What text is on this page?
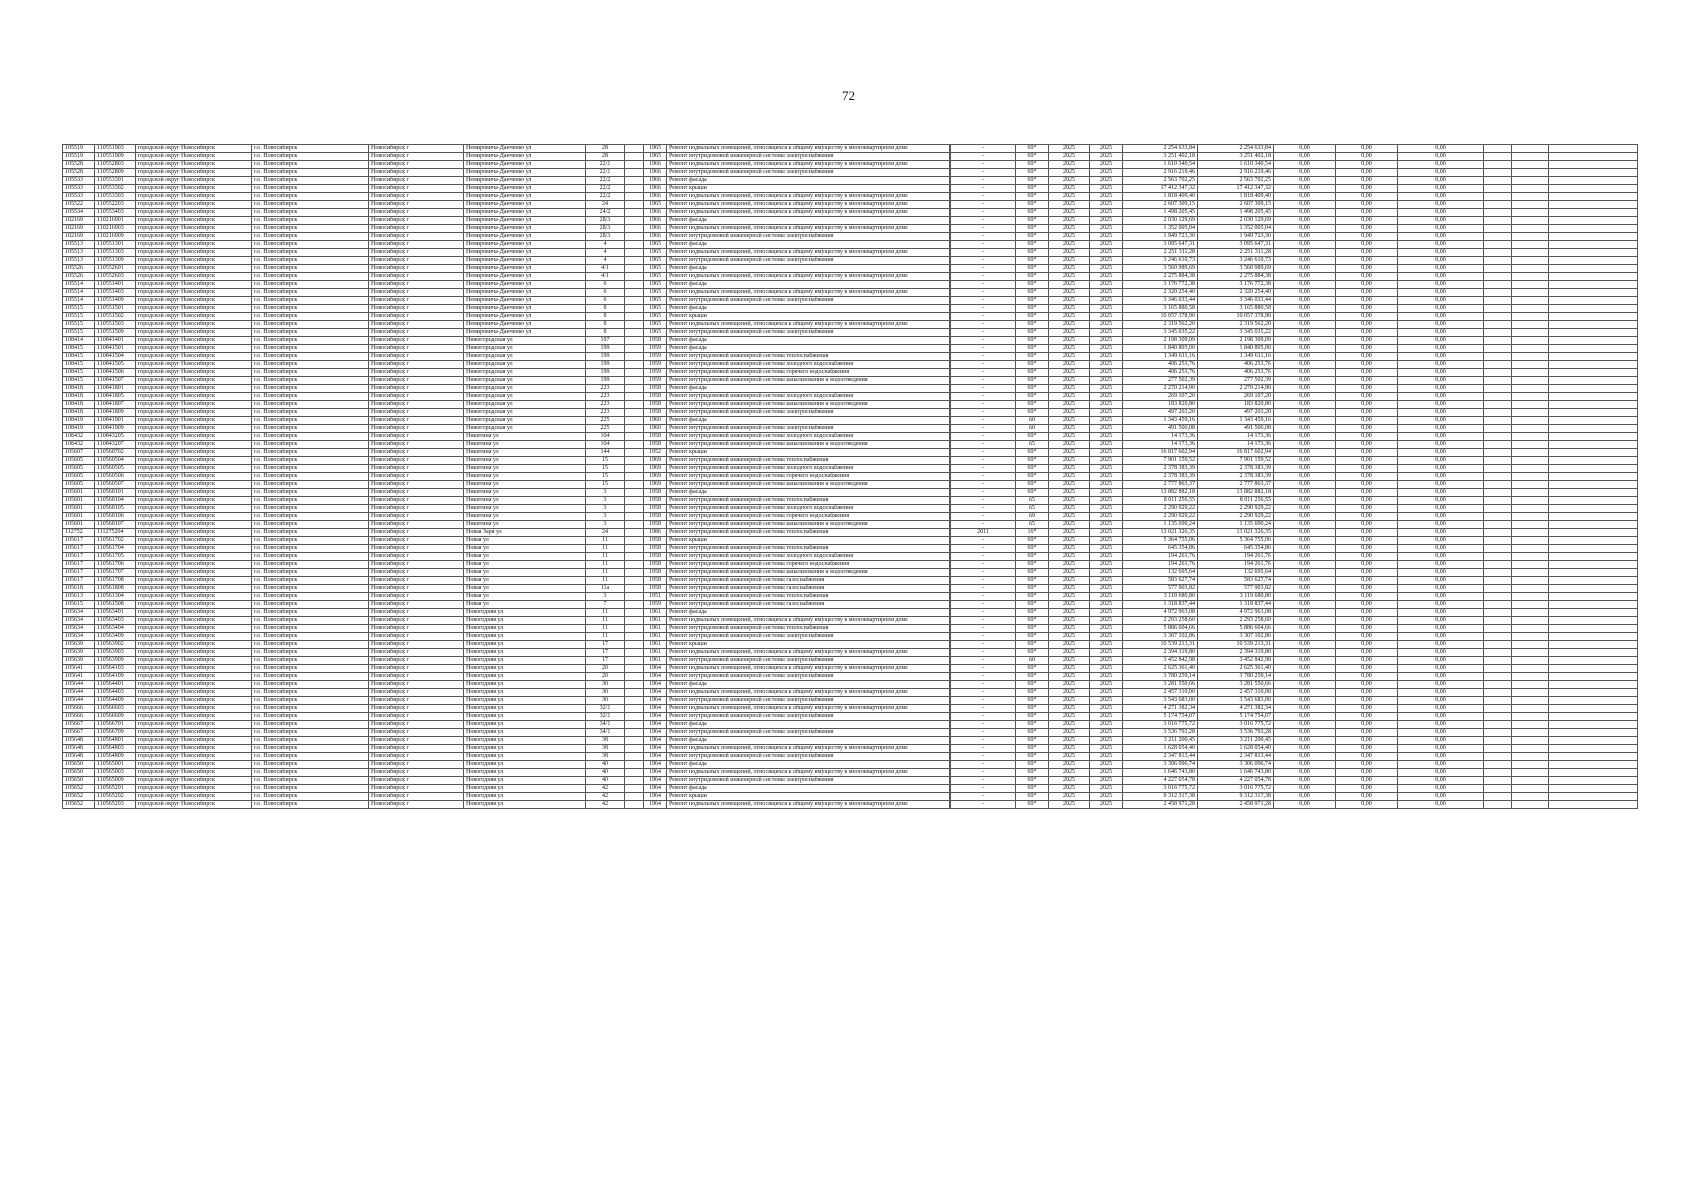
72
105519	110551903	городской округ Новосибирск	г.о. Новосибирск	Новосибирск г	Немировича-Данченко ул	28		1965	Ремонт подвальных помещений, относящихся к общему имуществу в многоквартирном доме		-	69*	2025	2025	2 254 633,84	2 254 633,84	0,00	0,00	0,00			
105519	110551909	городской округ Новосибирск	г.о. Новосибирск	Новосибирск г	Немировича-Данченко ул	28		1965	Ремонт внутридомовой инженерной системы электроснабжения		-	69*	2025	2025	3 251 402,18	3 251 402,18	0,00	0,00	0,00			
105528	110552803	городской округ Новосибирск	г.о. Новосибирск	Новосибирск г	Немировича-Данченко ул	22/1		1966	Ремонт подвальных помещений, относящихся к общему имуществу в многоквартирном доме		-	69*	2025	2025	1 610 340,54	1 610 340,54	0,00	0,00	0,00			
105528	110552809	городской округ Новосибирск	г.о. Новосибирск	Новосибирск г	Немировича-Данченко ул	22/1		1966	Ремонт внутридомовой инженерной системы электроснабжения		-	69*	2025	2025	2 916 219,46	2 916 219,46	0,00	0,00	0,00			
105533	110553301	городской округ Новосибирск	г.о. Новосибирск	Новосибирск г	Немировича-Данченко ул	22/2		1966	Ремонт фасада		-	69*	2025	2025	2 563 702,25	2 563 702,25	0,00	0,00	0,00			
105533	110553302	городской округ Новосибирск	г.о. Новосибирск	Новосибирск г	Немировича-Данченко ул	22/2		1966	Ремонт крыши		-	69*	2025	2025	17 412 347,32	17 412 347,32	0,00	0,00	0,00			
105533	110553303	городской округ Новосибирск	г.о. Новосибирск	Новосибирск г	Немировича-Данченко ул	22/2		1966	Ремонт подвальных помещений, относящихся к общему имуществу в многоквартирном доме		-	69*	2025	2025	1 818 409,40	1 818 409,40	0,00	0,00	0,00			
105522	110552203	городской округ Новосибирск	г.о. Новосибирск	Новосибирск г	Немировича-Данченко ул	24		1965	Ремонт подвальных помещений, относящихся к общему имуществу в многоквартирном доме		-	69*	2025	2025	2 607 309,15	2 607 309,15	0,00	0,00	0,00			
105534	110553403	городской округ Новосибирск	г.о. Новосибирск	Новосибирск г	Немировича-Данченко ул	24/2		1966	Ремонт подвальных помещений, относящихся к общему имуществу в многоквартирном доме		-	69*	2025	2025	1 498 205,45	1 498 205,45	0,00	0,00	0,00			
102169	110216901	городской округ Новосибирск	г.о. Новосибирск	Новосибирск г	Немировича-Данченко ул	28/3		1966	Ремонт фасада		-	69*	2025	2025	2 030 129,69	2 030 129,69	0,00	0,00	0,00			
102169	110216903	городской округ Новосибирск	г.о. Новосибирск	Новосибирск г	Немировича-Данченко ул	28/3		1966	Ремонт подвальных помещений, относящихся к общему имуществу в многоквартирном доме		-	69*	2025	2025	1 352 005,04	1 352 005,04	0,00	0,00	0,00			
102169	110216909	городской округ Новосибирск	г.о. Новосибирск	Новосибирск г	Немировича-Данченко ул	28/3		1966	Ремонт внутридомовой инженерной системы электроснабжения		-	69*	2025	2025	1 949 723,30	1 949 723,30	0,00	0,00	0,00			
105513	110551301	городской округ Новосибирск	г.о. Новосибирск	Новосибирск г	Немировича-Данченко ул	4		1965	Ремонт фасада		-	69*	2025	2025	3 095 647,31	3 095 647,31	0,00	0,00	0,00			
105513	110551303	городской округ Новосибирск	г.о. Новосибирск	Новосибирск г	Немировича-Данченко ул	4		1965	Ремонт подвальных помещений, относящихся к общему имуществу в многоквартирном доме		-	69*	2025	2025	2 251 311,28	2 251 311,28	0,00	0,00	0,00			
105513	110551309	городской округ Новосибирск	г.о. Новосибирск	Новосибирск г	Немировича-Данченко ул	4		1965	Ремонт внутридомовой инженерной системы электроснабжения		-	69*	2025	2025	3 246 610,73	3 246 610,73	0,00	0,00	0,00			
105526	110552601	городской округ Новосибирск	г.о. Новосибирск	Новосибирск г	Немировича-Данченко ул	4/1		1965	Ремонт фасада		-	69*	2025	2025	3 560 989,69	3 560 989,69	0,00	0,00	0,00			
105526	110552603	городской округ Новосибирск	г.о. Новосибирск	Новосибирск г	Немировича-Данченко ул	4/1		1965	Ремонт подвальных помещений, относящихся к общему имуществу в многоквартирном доме		-	69*	2025	2025	2 275 884,38	2 275 884,38	0,00	0,00	0,00			
105514	110551401	городской округ Новосибирск	г.о. Новосибирск	Новосибирск г	Немировича-Данченко ул	6		1965	Ремонт фасада		-	69*	2025	2025	3 176 772,38	3 176 772,38	0,00	0,00	0,00			
105514	110551403	городской округ Новосибирск	г.о. Новосибирск	Новосибирск г	Немировича-Данченко ул	6		1965	Ремонт подвальных помещений, относящихся к общему имуществу в многоквартирном доме		-	69*	2025	2025	2 320 254,40	2 320 254,40	0,00	0,00	0,00			
105514	110551409	городской округ Новосибирск	г.о. Новосибирск	Новосибирск г	Немировича-Данченко ул	6		1965	Ремонт внутридомовой инженерной системы электроснабжения		-	69*	2025	2025	3 346 033,44	3 346 033,44	0,00	0,00	0,00			
105515	110551501	городской округ Новосибирск	г.о. Новосибирск	Новосибирск г	Немировича-Данченко ул	8		1965	Ремонт фасада		-	69*	2025	2025	3 165 880,58	3 165 880,58	0,00	0,00	0,00			
105515	110551502	городской округ Новосибирск	г.о. Новосибирск	Новосибирск г	Немировича-Данченко ул	8		1965	Ремонт крыши		-	69*	2025	2025	10 057 378,90	10 057 378,90	0,00	0,00	0,00			
105515	110551503	городской округ Новосибирск	г.о. Новосибирск	Новосибирск г	Немировича-Данченко ул	8		1965	Ремонт подвальных помещений, относящихся к общему имуществу в многоквартирном доме		-	69*	2025	2025	2 319 562,20	2 319 562,20	0,00	0,00	0,00			
105515	110551509	городской округ Новосибирск	г.о. Новосибирск	Новосибирск г	Немировича-Данченко ул	8		1965	Ремонт внутридомовой инженерной системы электроснабжения		-	69*	2025	2025	3 345 035,22	3 345 035,22	0,00	0,00	0,00			
108414	110841401	городской округ Новосибирск	г.о. Новосибирск	Новосибирск г	Нижегородская ул	197		1958	Ремонт фасада		-	69*	2025	2025	2 198 309,09	2 198 309,09	0,00	0,00	0,00			
108415	110841501	городской округ Новосибирск	г.о. Новосибирск	Новосибирск г	Нижегородская ул	199		1959	Ремонт фасада		-	69*	2025	2025	1 840 895,00	1 840 895,00	0,00	0,00	0,00			
108415	110841504	городской округ Новосибирск	г.о. Новосибирск	Новосибирск г	Нижегородская ул	199		1959	Ремонт внутридомовой инженерной системы теплоснабжения		-	69*	2025	2025	1 349 611,16	1 349 611,16	0,00	0,00	0,00			
108415	110841505	городской округ Новосибирск	г.о. Новосибирск	Новосибирск г	Нижегородская ул	199		1959	Ремонт внутридомовой инженерной системы холодного водоснабжения		-	69*	2025	2025	406 253,76	406 253,76	0,00	0,00	0,00			
108415	110841506	городской округ Новосибирск	г.о. Новосибирск	Новосибирск г	Нижегородская ул	199		1959	Ремонт внутридомовой инженерной системы горячего водоснабжения		-	69*	2025	2025	406 253,76	406 253,76	0,00	0,00	0,00			
108415	110841507	городской округ Новосибирск	г.о. Новосибирск	Новосибирск г	Нижегородская ул	199		1959	Ремонт внутридомовой инженерной системы канализования и водоотведения		-	69*	2025	2025	277 502,39	277 502,39	0,00	0,00	0,00			
108418	110841801	городской округ Новосибирск	г.о. Новосибирск	Новосибирск г	Нижегородская ул	223		1958	Ремонт фасада		-	69*	2025	2025	2 270 214,90	2 270 214,90	0,00	0,00	0,00			
108418	110841805	городской округ Новосибирск	г.о. Новосибирск	Новосибирск г	Нижегородская ул	223		1958	Ремонт внутридомовой инженерной системы холодного водоснабжения		-	69*	2025	2025	269 107,20	269 107,20	0,00	0,00	0,00			
108418	110841807	городской округ Новосибирск	г.о. Новосибирск	Новосибирск г	Нижегородская ул	223		1958	Ремонт внутридомовой инженерной системы канализования и водоотведения		-	69*	2025	2025	183 820,80	183 820,80	0,00	0,00	0,00			
108418	110841809	городской округ Новосибирск	г.о. Новосибирск	Новосибирск г	Нижегородская ул	223		1958	Ремонт внутридомовой инженерной системы электроснабжения		-	69*	2025	2025	497 203,20	497 203,20	0,00	0,00	0,00			
108419	110841901	городской округ Новосибирск	г.о. Новосибирск	Новосибирск г	Нижегородская ул	225		1960	Ремонт фасада		-	60	2025	2025	1 343 459,16	1 343 459,16	0,00	0,00	0,00			
108419	110841909	городской округ Новосибирск	г.о. Новосибирск	Новосибирск г	Нижегородская ул	225		1960	Ремонт внутридомовой инженерной системы электроснабжения		-	60	2025	2025	491 506,08	491 506,08	0,00	0,00	0,00			
108432	110843205	городской округ Новосибирск	г.о. Новосибирск	Новосибирск г	Никитина ул	104		1958	Ремонт внутридомовой инженерной системы холодного водоснабжения		-	69*	2025	2025	14 173,36	14 173,36	0,00	0,00	0,00			
108432	110843207	городской округ Новосибирск	г.о. Новосибирск	Новосибирск г	Никитина ул	104		1958	Ремонт внутридомовой инженерной системы канализования и водоотведения		-	65	2025	2025	14 173,36	14 173,36	0,00	0,00	0,00			
105607	110560702	городской округ Новосибирск	г.о. Новосибирск	Новосибирск г	Никитина ул	144		1952	Ремонт крыши		-	69*	2025	2025	16 817 602,94	16 817 602,94	0,00	0,00	0,00			
105605	110560504	городской округ Новосибирск	г.о. Новосибирск	Новосибирск г	Никитина ул	15		1969	Ремонт внутридомовой инженерной системы теплоснабжения		-	69*	2025	2025	7 901 159,52	7 901 159,52	0,00	0,00	0,00			
105605	110560505	городской округ Новосибирск	г.о. Новосибирск	Новосибирск г	Никитина ул	15		1969	Ремонт внутридомовой инженерной системы холодного водоснабжения		-	69*	2025	2025	2 378 383,39	2 378 383,39	0,00	0,00	0,00			
105605	110560506	городской округ Новосибирск	г.о. Новосибирск	Новосибирск г	Никитина ул	15		1969	Ремонт внутридомовой инженерной системы горячего водоснабжения		-	69*	2025	2025	2 378 383,39	2 378 383,39	0,00	0,00	0,00			
105605	110560507	городской округ Новосибирск	г.о. Новосибирск	Новосибирск г	Никитина ул	15		1969	Ремонт внутридомовой инженерной системы канализования и водоотведения		-	69*	2025	2025	2 777 863,37	2 777 863,37	0,00	0,00	0,00			
105601	110560101	городской округ Новосибирск	г.о. Новосибирск	Новосибирск г	Никитина ул	3		1958	Ремонт фасада		-	69*	2025	2025	13 882 882,18	13 882 882,18	0,00	0,00	0,00			
105601	110560104	городской округ Новосибирск	г.о. Новосибирск	Новосибирск г	Никитина ул	3		1958	Ремонт внутридомовой инженерной системы теплоснабжения		-	65	2025	2025	8 011 256,55	8 011 256,55	0,00	0,00	0,00			
105601	110560105	городской округ Новосибирск	г.о. Новосибирск	Новосибирск г	Никитина ул	3		1958	Ремонт внутридомовой инженерной системы холодного водоснабжения		-	65	2025	2025	2 290 929,22	2 290 929,22	0,00	0,00	0,00			
105601	110560106	городской округ Новосибирск	г.о. Новосибирск	Новосибирск г	Никитина ул	3		1958	Ремонт внутридомовой инженерной системы горячего водоснабжения		-	69	2025	2025	2 290 929,22	2 290 929,22	0,00	0,00	0,00			
105601	110560107	городской округ Новосибирск	г.о. Новосибирск	Новосибирск г	Никитина ул	3		1958	Ремонт внутридомовой инженерной системы канализования и водоотведения		-	65	2025	2025	1 135 690,24	1 135 690,24	0,00	0,00	0,00			
112752	111275204	городской округ Новосибирск	г.о. Новосибирск	Новосибирск г	Новая Заря ул	24		1986	Ремонт внутридомовой инженерной системы теплоснабжения		2011	16*	2025	2025	13 021 326,35	13 021 326,35	0,00	0,00	0,00			
105617	110561702	городской округ Новосибирск	г.о. Новосибирск	Новосибирск г	Новая ул	11		1958	Ремонт крыши		-	69*	2025	2025	5 364 755,06	5 364 755,06	0,00	0,00	0,00			
105617	110561704	городской округ Новосибирск	г.о. Новосибирск	Новосибирск г	Новая ул	11		1958	Ремонт внутридомовой инженерной системы теплоснабжения		-	69*	2025	2025	645 354,86	645 354,86	0,00	0,00	0,00			
105617	110561705	городской округ Новосибирск	г.о. Новосибирск	Новосибирск г	Новая ул	11		1958	Ремонт внутридомовой инженерной системы холодного водоснабжения		-	69*	2025	2025	194 261,76	194 261,76	0,00	0,00	0,00			
105617	110561706	городской округ Новосибирск	г.о. Новосибирск	Новосибирск г	Новая ул	11		1958	Ремонт внутридомовой инженерной системы горячего водоснабжения		-	69*	2025	2025	194 261,76	194 261,76	0,00	0,00	0,00			
105617	110561707	городской округ Новосибирск	г.о. Новосибирск	Новосибирск г	Новая ул	11		1958	Ремонт внутридомовой инженерной системы канализования и водоотведения		-	69*	2025	2025	132 695,64	132 695,64	0,00	0,00	0,00			
105617	110561708	городской округ Новосибирск	г.о. Новосибирск	Новосибирск г	Новая ул	11		1958	Ремонт внутридомовой инженерной системы газоснабжения		-	69*	2025	2025	583 627,74	583 627,74	0,00	0,00	0,00			
105618	110561808	городской округ Новосибирск	г.о. Новосибирск	Новосибирск г	Новая ул	11а		1958	Ремонт внутридомовой инженерной системы газоснабжения		-	69*	2025	2025	577 903,82	577 903,82	0,00	0,00	0,00			
105613	110561304	городской округ Новосибирск	г.о. Новосибирск	Новосибирск г	Новая ул	3		1951	Ремонт внутридомовой инженерной системы теплоснабжения		-	69*	2025	2025	3 119 680,80	3 119 680,80	0,00	0,00	0,00			
105615	110561508	городской округ Новосибирск	г.о. Новосибирск	Новосибирск г	Новая ул	7		1959	Ремонт внутридомовой инженерной системы газоснабжения		-	69*	2025	2025	1 318 837,44	1 318 837,44	0,00	0,00	0,00			
105634	110563401	городской округ Новосибирск	г.о. Новосибирск	Новосибирск г	Новогодняя ул	11		1961	Ремонт фасада		-	69*	2025	2025	4 972 963,08	4 972 963,08	0,00	0,00	0,00			
105634	110563403	городской округ Новосибирск	г.о. Новосибирск	Новосибирск г	Новогодняя ул	11		1961	Ремонт подвальных помещений, относящихся к общему имуществу в многоквартирном доме		-	69*	2025	2025	2 293 258,60	2 293 258,60	0,00	0,00	0,00			
105634	110563404	городской округ Новосибирск	г.о. Новосибирск	Новосибирск г	Новогодняя ул	11		1961	Ремонт внутридомовой инженерной системы теплоснабжения		-	69*	2025	2025	5 886 604,66	5 886 604,66	0,00	0,00	0,00			
105634	110563409	городской округ Новосибирск	г.о. Новосибирск	Новосибирск г	Новогодняя ул	11		1961	Ремонт внутридомовой инженерной системы электроснабжения		-	69*	2025	2025	3 307 102,86	3 307 102,86	0,00	0,00	0,00			
105639	110563902	городской округ Новосибирск	г.о. Новосибирск	Новосибирск г	Новогодняя ул	17		1961	Ремонт крыши		-	69*	2025	2025	10 539 213,31	10 539 213,31	0,00	0,00	0,00			
105639	110563903	городской округ Новосибирск	г.о. Новосибирск	Новосибирск г	Новогодняя ул	17		1961	Ремонт подвальных помещений, относящихся к общему имуществу в многоквартирном доме		-	69*	2025	2025	2 394 319,80	2 394 319,80	0,00	0,00	0,00			
105639	110563909	городской округ Новосибирск	г.о. Новосибирск	Новосибирск г	Новогодняя ул	17		1961	Ремонт внутридомовой инженерной системы электроснабжения		-	60	2025	2025	3 452 842,98	3 452 842,98	0,00	0,00	0,00			
105641	110564103	городской округ Новосибирск	г.о. Новосибирск	Новосибирск г	Новогодняя ул	20		1964	Ремонт подвальных помещений, относящихся к общему имуществу в многоквартирном доме		-	69*	2025	2025	2 625 361,40	2 625 361,40	0,00	0,00	0,00			
105641	110564109	городской округ Новосибирск	г.о. Новосибирск	Новосибирск г	Новогодняя ул	20		1964	Ремонт внутридомовой инженерной системы электроснабжения		-	69*	2025	2025	3 780 259,14	3 780 259,14	0,00	0,00	0,00			
105644	110564401	городской округ Новосибирск	г.о. Новосибирск	Новосибирск г	Новогодняя ул	30		1964	Ремонт фасада		-	69*	2025	2025	3 281 550,66	3 281 550,66	0,00	0,00	0,00			
105644	110564403	городской округ Новосибирск	г.о. Новосибирск	Новосибирск г	Новогодняя ул	30		1964	Ремонт подвальных помещений, относящихся к общему имуществу в многоквартирном доме		-	69*	2025	2025	2 457 310,00	2 457 310,00	0,00	0,00	0,00			
105644	110564409	городской округ Новосибирск	г.о. Новосибирск	Новосибирск г	Новогодняя ул	30		1964	Ремонт внутридомовой инженерной системы электроснабжения		-	69*	2025	2025	3 543 683,00	3 543 683,00	0,00	0,00	0,00			
105666	110566603	городской округ Новосибирск	г.о. Новосибирск	Новосибирск г	Новогодняя ул	32/1		1964	Ремонт подвальных помещений, относящихся к общему имуществу в многоквартирном доме		-	69*	2025	2025	4 271 382,34	4 271 382,34	0,00	0,00	0,00			
105666	110566609	городской округ Новосибирск	г.о. Новосибирск	Новосибирск г	Новогодняя ул	32/1		1964	Ремонт внутридомовой инженерной системы электроснабжения		-	69*	2025	2025	5 174 754,07	5 174 754,07	0,00	0,00	0,00			
105667	110566701	городской округ Новосибирск	г.о. Новосибирск	Новосибирск г	Новогодняя ул	34/1		1964	Ремонт фасада		-	69*	2025	2025	3 016 775,72	3 016 775,72	0,00	0,00	0,00			
105667	110566709	городской округ Новосибирск	г.о. Новосибирск	Новосибирск г	Новогодняя ул	34/1		1964	Ремонт внутридомовой инженерной системы электроснабжения		-	69*	2025	2025	3 536 793,28	3 536 793,28	0,00	0,00	0,00			
105648	110564801	городской округ Новосибирск	г.о. Новосибирск	Новосибирск г	Новогодняя ул	38		1964	Ремонт фасада		-	69*	2025	2025	3 211 200,45	3 211 200,45	0,00	0,00	0,00			
105648	110564803	городской округ Новосибирск	г.о. Новосибирск	Новосибирск г	Новогодняя ул	38		1964	Ремонт подвальных помещений, относящихся к общему имуществу в многоквартирном доме		-	69*	2025	2025	1 628 054,40	1 628 054,40	0,00	0,00	0,00			
105648	110564809	городской округ Новосибирск	г.о. Новосибирск	Новосибирск г	Новогодняя ул	38		1964	Ремонт внутридомовой инженерной системы электроснабжения		-	69*	2025	2025	2 347 813,44	2 347 813,44	0,00	0,00	0,00			
105650	110565001	городской округ Новосибирск	г.о. Новосибирск	Новосибирск г	Новогодняя ул	40		1964	Ремонт фасада		-	69*	2025	2025	3 306 096,74	3 306 096,74	0,00	0,00	0,00			
105650	110565003	городской округ Новосибирск	г.о. Новосибирск	Новосибирск г	Новогодняя ул	40		1964	Ремонт подвальных помещений, относящихся к общему имуществу в многоквартирном доме		-	69*	2025	2025	1 646 743,80	1 646 743,80	0,00	0,00	0,00			
105650	110565009	городской округ Новосибирск	г.о. Новосибирск	Новосибирск г	Новогодняя ул	40		1964	Ремонт внутридомовой инженерной системы электроснабжения		-	69*	2025	2025	4 227 054,78	4 227 054,78	0,00	0,00	0,00			
105652	110565201	городской округ Новосибирск	г.о. Новосибирск	Новосибирск г	Новогодняя ул	42		1964	Ремонт фасада		-	69*	2025	2025	3 016 775,72	3 016 775,72	0,00	0,00	0,00			
105652	110565202	городской округ Новосибирск	г.о. Новосибирск	Новосибирск г	Новогодняя ул	42		1964	Ремонт крыши		-	69*	2025	2025	9 312 317,38	9 312 317,38	0,00	0,00	0,00			
105652	110565203	городской округ Новосибирск	г.о. Новосибирск	Новосибирск г	Новогодняя ул	42		1964	Ремонт подвальных помещений, относящихся к общему имуществу в многоквартирном доме		-	69*	2025	2025	2 458 971,28	2 458 971,28	0,00	0,00	0,00			
